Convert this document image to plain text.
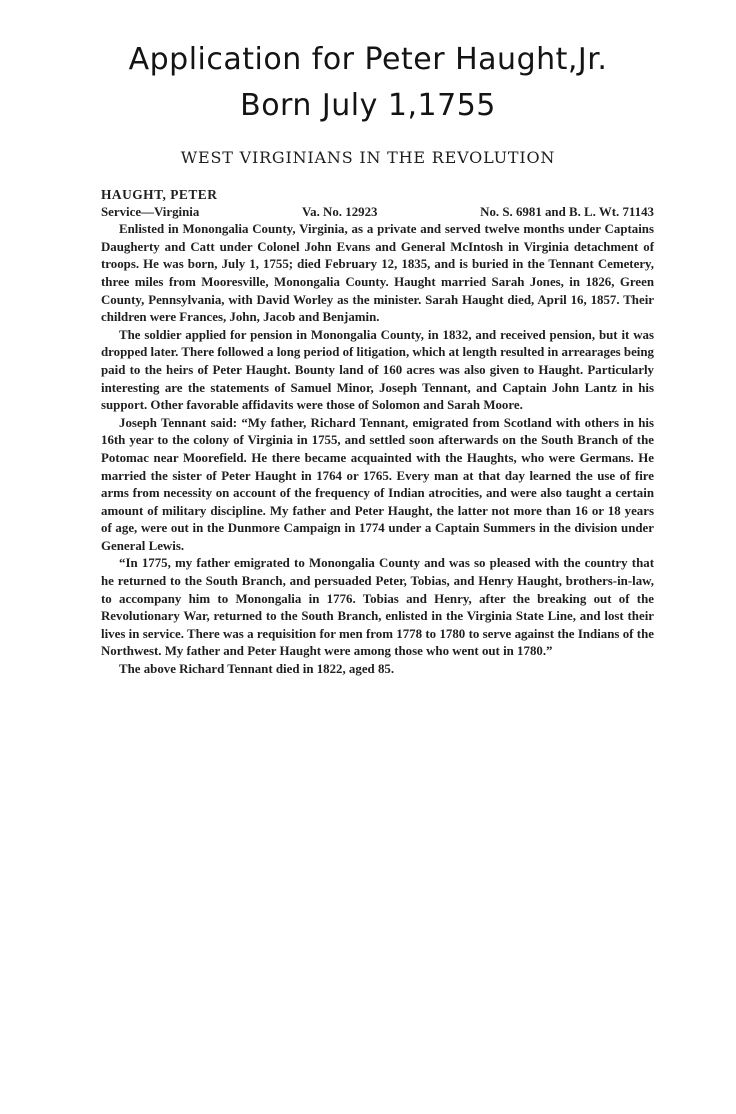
Application for Peter Haught,Jr.
Born July 1,1755
WEST VIRGINIANS IN THE REVOLUTION
HAUGHT, PETER
Service—Virginia	Va. No. 12923	No. S. 6981 and B. L. Wt. 71143

Enlisted in Monongalia County, Virginia, as a private and served twelve months under Captains Daugherty and Catt under Colonel John Evans and General McIntosh in Virginia detachment of troops. He was born, July 1, 1755; died February 12, 1835, and is buried in the Tennant Cemetery, three miles from Mooresville, Monongalia County. Haught married Sarah Jones, in 1826, Green County, Pennsylvania, with David Worley as the minister. Sarah Haught died, April 16, 1857. Their children were Frances, John, Jacob and Benjamin.

The soldier applied for pension in Monongalia County, in 1832, and received pension, but it was dropped later. There followed a long period of litigation, which at length resulted in arrearages being paid to the heirs of Peter Haught. Bounty land of 160 acres was also given to Haught. Particularly interesting are the statements of Samuel Minor, Joseph Tennant, and Captain John Lantz in his support. Other favorable affidavits were those of Solomon and Sarah Moore.

Joseph Tennant said: “My father, Richard Tennant, emigrated from Scotland with others in his 16th year to the colony of Virginia in 1755, and settled soon afterwards on the South Branch of the Potomac near Moorefield. He there became acquainted with the Haughts, who were Germans. He married the sister of Peter Haught in 1764 or 1765. Every man at that day learned the use of fire arms from necessity on account of the frequency of Indian atrocities, and were also taught a certain amount of military discipline. My father and Peter Haught, the latter not more than 16 or 18 years of age, were out in the Dunmore Campaign in 1774 under a Captain Summers in the division under General Lewis.

“In 1775, my father emigrated to Monongalia County and was so pleased with the country that he returned to the South Branch, and persuaded Peter, Tobias, and Henry Haught, brothers-in-law, to accompany him to Monongalia in 1776. Tobias and Henry, after the breaking out of the Revolutionary War, returned to the South Branch, enlisted in the Virginia State Line, and lost their lives in service. There was a requisition for men from 1778 to 1780 to serve against the Indians of the Northwest. My father and Peter Haught were among those who went out in 1780.”

The above Richard Tennant died in 1822, aged 85.
